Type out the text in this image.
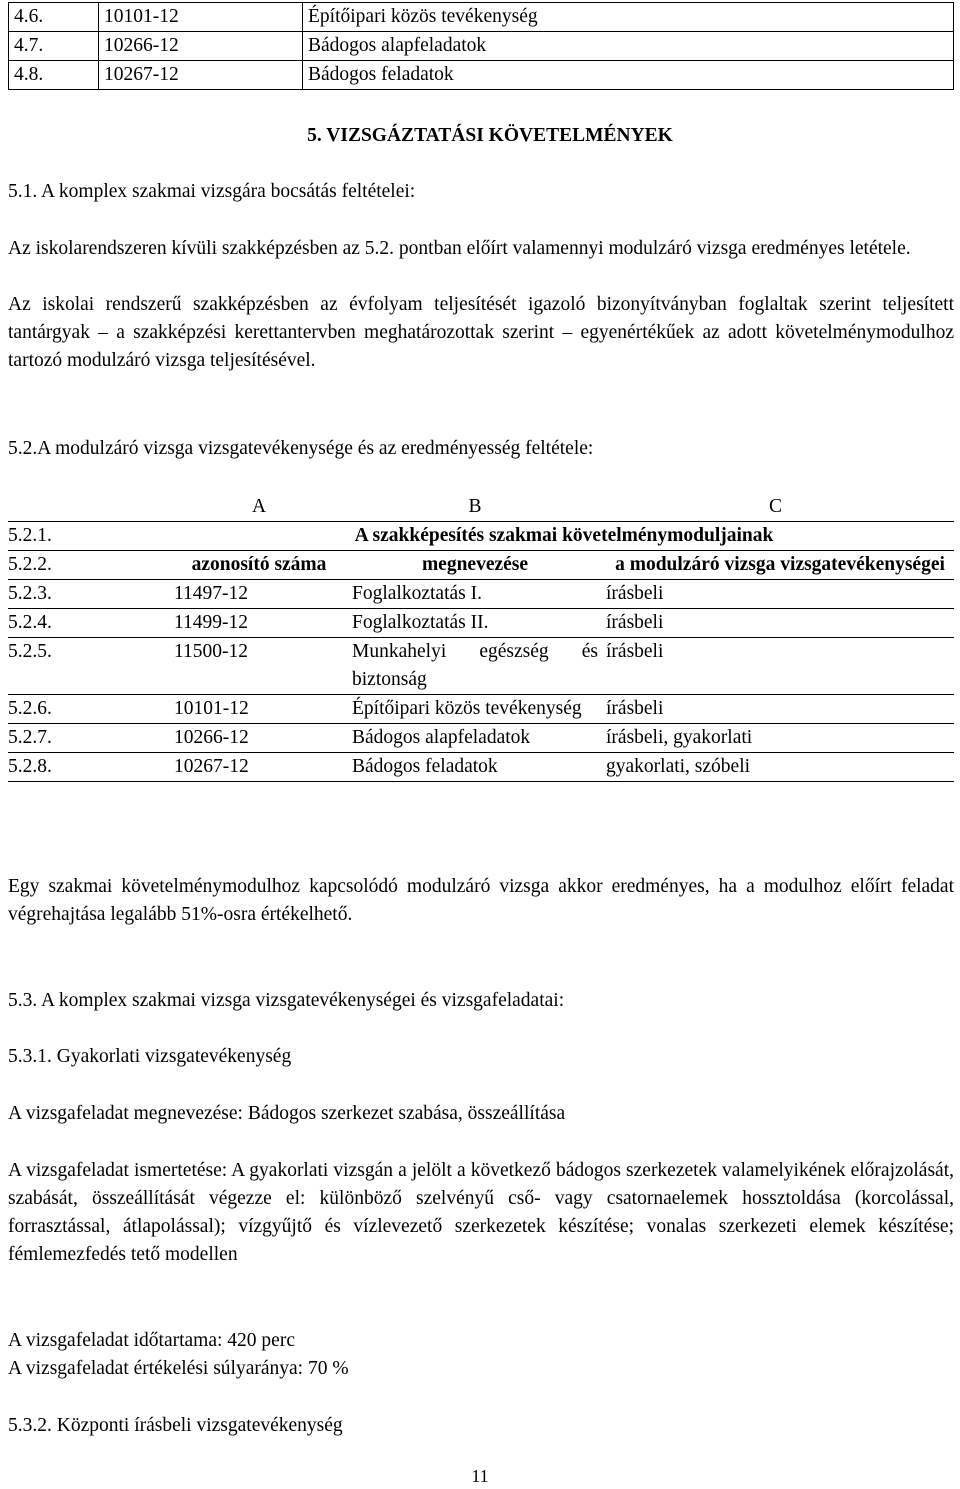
4.6.	10101-12	Építőipari közös tevékenység
4.7.	10266-12	Bádogos alapfeladatok
4.8.	10267-12	Bádogos feladatok

5. VIZSGÁZTATÁSI KÖVETELMÉNYEK

5.1. A komplex szakmai vizsgára bocsátás feltételei:

Az iskolarendszeren kívüli szakképzésben az 5.2. pontban előírt valamennyi modulzáró vizsga eredményes letétele.

Az iskolai rendszerű szakképzésben az évfolyam teljesítését igazoló bizonyítványban foglaltak szerint teljesített tantárgyak – a szakképzési kerettantervben meghatározottak szerint – egyenértékűek az adott követelménymodulhoz tartozó modulzáró vizsga teljesítésével.

5.2.A modulzáró vizsga vizsgatevékenysége és az eredményesség feltétele:

	A		B		C
5.2.1.	A szakképesítés szakmai követelménymoduljainak				
5.2.2.	azonosító száma		megnevezése		a modulzáró vizsga vizsgatevékenységei
5.2.3.	11497-12		Foglalkoztatás I.		írásbeli
5.2.4.	11499-12		Foglalkoztatás II.		írásbeli
5.2.5.	11500-12		Munkahelyi egészség és biztonság		írásbeli
5.2.6.	10101-12		Építőipari közös tevékenység		írásbeli
5.2.7.	10266-12		Bádogos alapfeladatok		írásbeli, gyakorlati
5.2.8.	10267-12		Bádogos feladatok		gyakorlati, szóbeli

Egy szakmai követelménymodulhoz kapcsolódó modulzáró vizsga akkor eredményes, ha a modulhoz előírt feladat végrehajtása legalább 51%-osra értékelhető.

5.3. A komplex szakmai vizsga vizsgatevékenységei és vizsgafeladatai:

5.3.1. Gyakorlati vizsgatevékenység

A vizsgafeladat megnevezése: Bádogos szerkezet szabása, összeállítása

A vizsgafeladat ismertetése: A gyakorlati vizsgán a jelölt a következő bádogos szerkezetek valamelyikének előrajzolását, szabását, összeállítását végezze el: különböző szelvényű cső- vagy csatornaelemek hossztoldása (korcolással, forrasztással, átlapolással); vízgyűjtő és vízlevezető szerkezetek készítése; vonalas szerkezeti elemek készítése; fémlemezfedés tető modellen

A vizsgafeladat időtartama: 420 perc

A vizsgafeladat értékelési súlyaránya: 70 %

5.3.2. Központi írásbeli vizsgatevékenység

11
